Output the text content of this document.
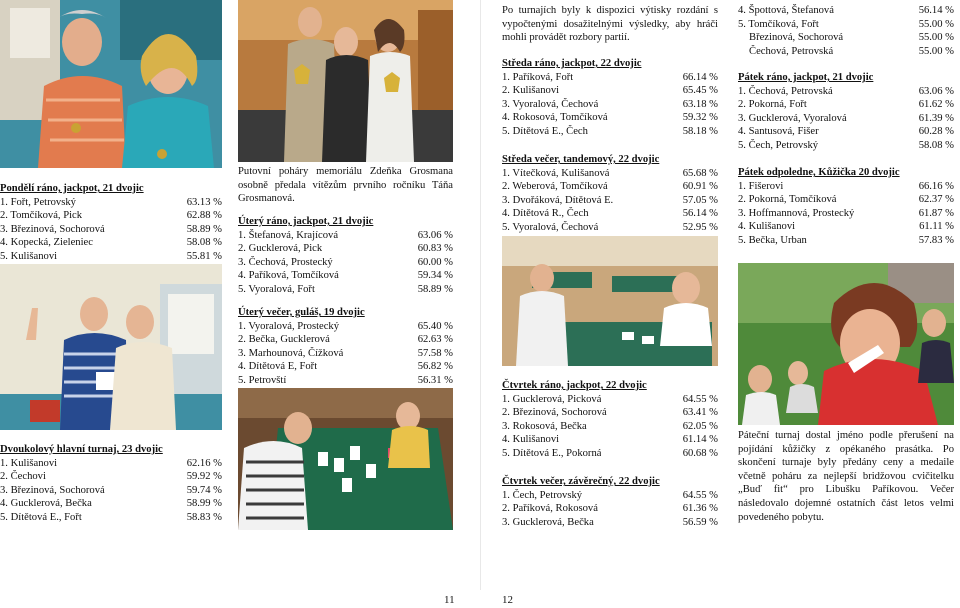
Pondělí ráno, jackpot, 21 dvojic
1. Fořt, Petrovský	63.13 %
2. Tomčíková, Pick	62.88 %
3. Březinová, Sochorová	58.89 %
4. Kopecká, Zieleniec	58.08 %
5. Kulišanovi	55.81 %
Dvoukolový hlavní turnaj, 23 dvojic
1. Kulišanovi	62.16 %
2. Čechovi	59.92 %
3. Březinová, Sochorová	59.74 %
4. Gucklerová, Bečka	58.99 %
5. Dítětová E., Fořt	58.83 %
Putovní poháry memoriálu Zdeňka Grosmana osobně předala vítězům prvního ročníku Táňa Grosmanová.
Úterý ráno, jackpot, 21 dvojic
1. Štefanová, Krajícová	63.06 %
2. Gucklerová, Pick	60.83 %
3. Čechová, Prostecký	60.00 %
4. Paříková, Tomčíková	59.34 %
5. Vyoralová, Fořt	58.89 %
Úterý večer, guláš, 19 dvojic
1. Vyoralová, Prostecký	65.40 %
2. Bečka, Gucklerová	62.63 %
3. Marhounová, Čížková	57.58 %
4. Dítětová E, Fořt	56.82 %
5. Petrovští	56.31 %
11
Po turnajích byly k dispozici výtisky rozdání s vypočtenými dosažitelnými výsledky, aby hráči mohli provádět rozbory partií.
Středa ráno, jackpot, 22 dvojic
1. Paříková, Fořt	66.14 %
2. Kulišanovi	65.45 %
3. Vyoralová, Čechová	63.18 %
4. Rokosová, Tomčíková	59.32 %
5. Dítětová E., Čech	58.18 %
Středa večer, tandemový, 22 dvojic
1. Vítečková, Kulišanová	65.68 %
2. Weberová, Tomčíková	60.91 %
3. Dvořáková, Dítětová E.	57.05 %
4. Dítětová R., Čech	56.14 %
5. Vyoralová, Čechová	52.95 %
Čtvrtek ráno, jackpot, 22 dvojic
1. Gucklerová, Picková	64.55 %
2. Březinová, Sochorová	63.41 %
3. Rokosová, Bečka	62.05 %
4. Kulišanovi	61.14 %
5. Dítětová E., Pokorná	60.68 %
Čtvrtek večer, závěrečný, 22 dvojic
1. Čech, Petrovský	64.55 %
2. Paříková, Rokosová	61.36 %
3. Gucklerová, Bečka	56.59 %
12
4. Špottová, Štefanová	56.14 %
5. Tomčíková, Fořt	55.00 %
Březinová, Sochorová	55.00 %
Čechová, Petrovská	55.00 %
Pátek ráno, jackpot, 21 dvojic
1. Čechová, Petrovská	63.06 %
2. Pokorná, Fořt	61.62 %
3. Gucklerová, Vyoralová	61.39 %
4. Santusová, Fišer	60.28 %
5. Čech, Petrovský	58.08 %
Pátek odpoledne, Kůžička 20 dvojic
1. Fišerovi	66.16 %
2. Pokorná, Tomčíková	62.37 %
3. Hoffmannová, Prostecký	61.87 %
4. Kulišanovi	61.11 %
5. Bečka, Urban	57.83 %
Páteční turnaj dostal jméno podle přerušení na pojídání kůžičky z opékaného prasátka. Po skončení turnaje byly předány ceny a medaile včetně poháru za nejlepší bridžovou cvičitelku „Buď fit“ pro Libušku Paříkovou. Večer následovalo dojemné ostatních část letos velmi povedeného pobytu.
